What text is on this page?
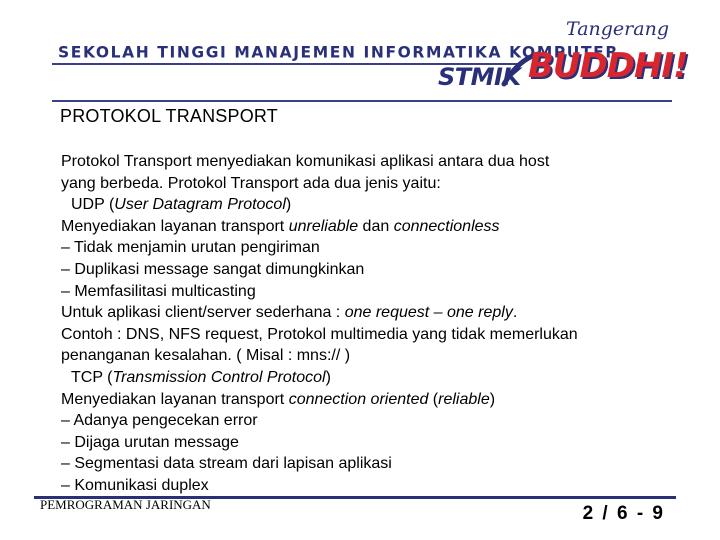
SEKOLAH TINGGI MANAJEMEN INFORMATIKA KOMPUTER
Tangerang
BUDDHI!
STMIK
PROTOKOL TRANSPORT
Protokol Transport menyediakan komunikasi aplikasi antara dua host
yang berbeda. Protokol Transport ada dua jenis yaitu:
UDP (User Datagram Protocol)
Menyediakan layanan transport unreliable dan connectionless
– Tidak menjamin urutan pengiriman
– Duplikasi message sangat dimungkinkan
– Memfasilitasi multicasting
Untuk aplikasi client/server sederhana : one request – one reply.
Contoh : DNS, NFS request, Protokol multimedia yang tidak memerlukan
penanganan kesalahan. ( Misal : mns:// )
TCP (Transmission Control Protocol)
Menyediakan layanan transport connection oriented (reliable)
– Adanya pengecekan error
– Dijaga urutan message
– Segmentasi data stream dari lapisan aplikasi
– Komunikasi duplex
PEMROGRAMAN JARINGAN	2 / 6 - 9
